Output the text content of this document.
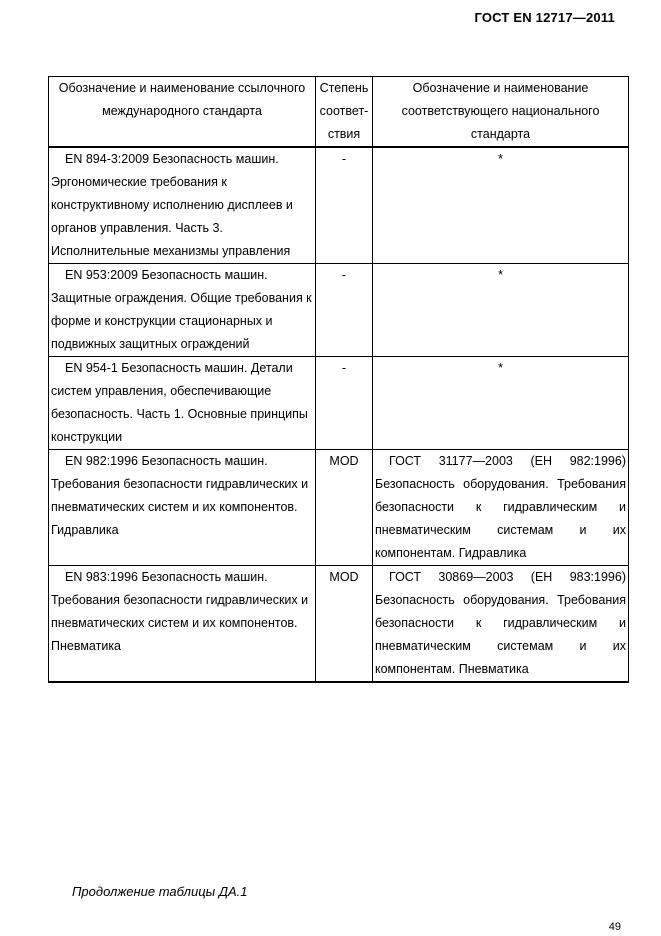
ГОСТ EN 12717—2011
Обозначение и наименование ссылочного международного стандарта	Степень соответ-ствия	Обозначение и наименование соответствующего национального стандарта
EN 894-3:2009 Безопасность машин. Эргономические требования к конструктивному исполнению дисплеев и органов управления. Часть 3. Исполнительные механизмы управления	-	*
EN 953:2009 Безопасность машин. Защитные ограждения. Общие требования к форме и конструкции стационарных и подвижных защитных ограждений	-	*
EN 954-1 Безопасность машин. Детали систем управления, обеспечивающие безопасность. Часть 1. Основные принципы конструкции	-	*
EN 982:1996 Безопасность машин. Требования безопасности гидравлических и пневматических систем и их компонентов. Гидравлика	MOD	ГОСТ 31177—2003 (ЕН 982:1996) Безопасность оборудования. Требования безопасности к гидравлическим и пневматическим системам и их компонентам. Гидравлика
EN 983:1996 Безопасность машин. Требования безопасности гидравлических и пневматических систем и их компонентов. Пневматика	MOD	ГОСТ 30869—2003 (ЕН 983:1996) Безопасность оборудования. Требования безопасности к гидравлическим и пневматическим системам и их компонентам. Пневматика
Продолжение таблицы ДА.1
49
